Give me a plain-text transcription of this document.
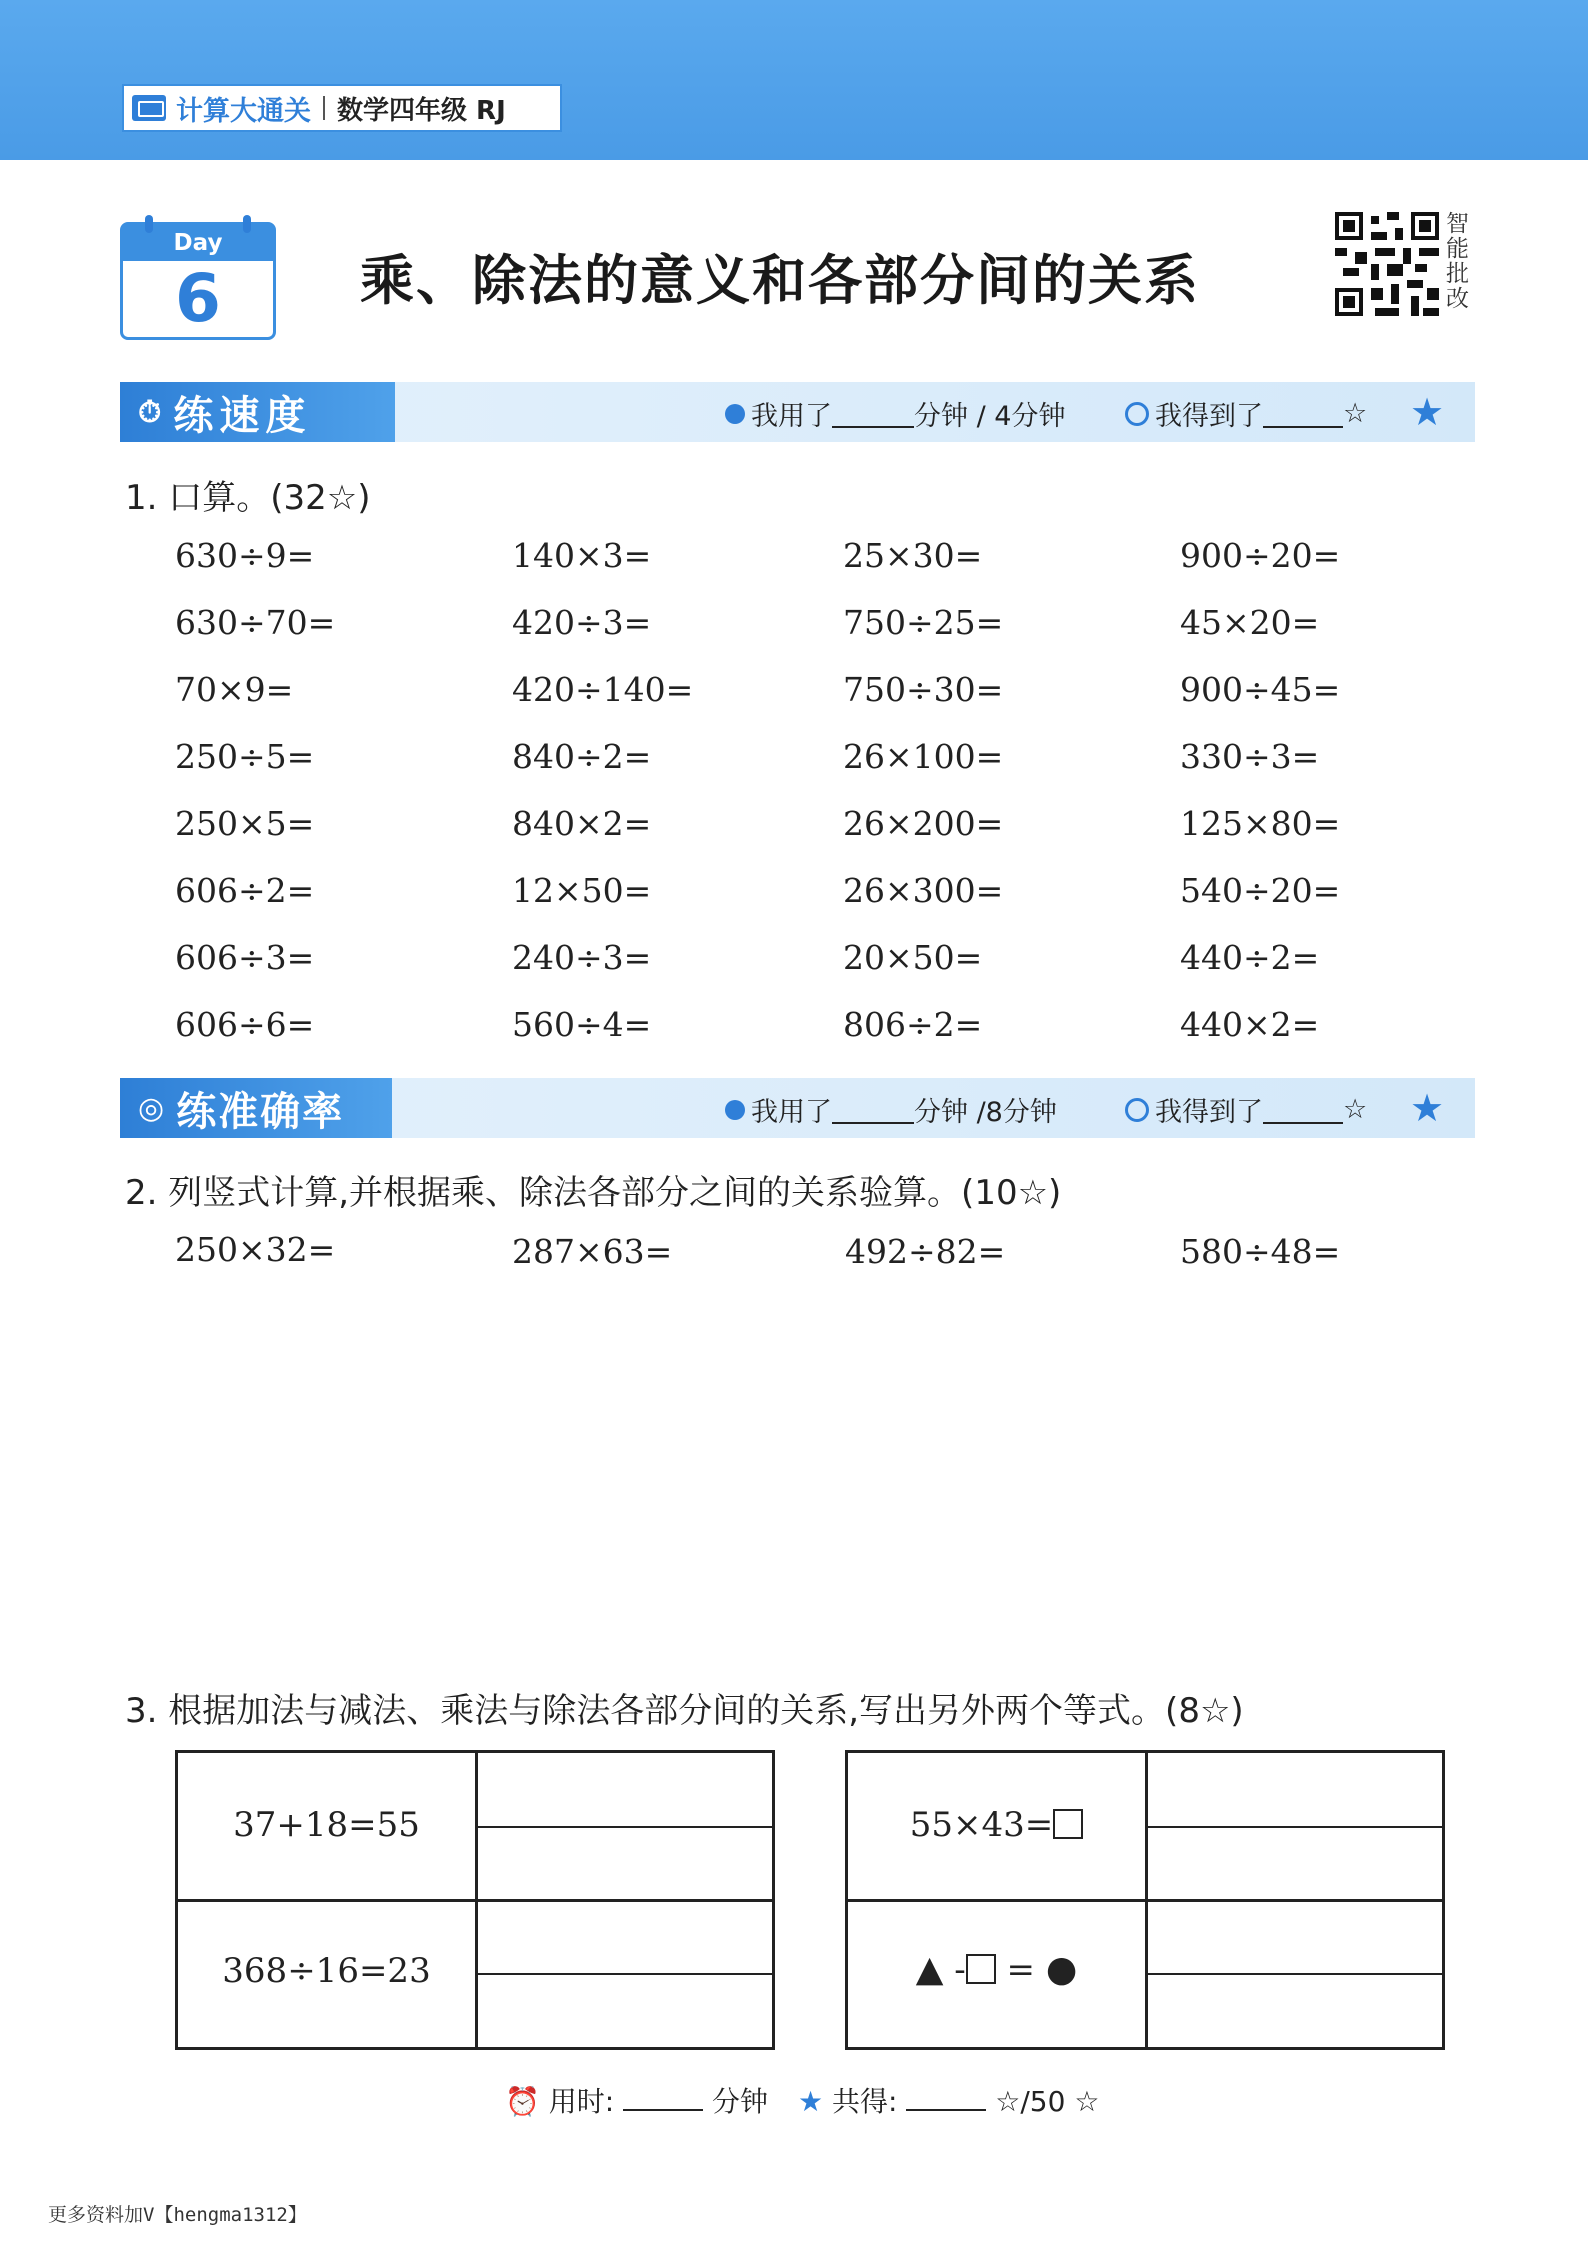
计算大通关 数学四年级 RJ
Day
6	乘、除法的意义和各部分间的关系
智能批改
⏱ 练速度	我用了	分钟 / 4分钟	我得到了	☆ ★
1. 口算。(32☆)
630÷9=	140×3=	25×30=	900÷20=
630÷70=	420÷3=	750÷25=	45×20=
70×9=	420÷140=	750÷30=	900÷45=
250÷5=	840÷2=	26×100=	330÷3=
250×5=	840×2=	26×200=	125×80=
606÷2=	12×50=	26×300=	540÷20=
606÷3=	240÷3=	20×50=	440÷2=
606÷6=	560÷4=	806÷2=	440×2=
◎ 练准确率	我用了	分钟 /8分钟	我得到了	☆ ★
2. 列竖式计算,并根据乘、除法各部分之间的关系验算。(10☆)
250×32=	287×63=	492÷82=	580÷48=
3. 根据加法与减法、乘法与除法各部分间的关系,写出另外两个等式。(8☆)
37+18=55
368÷16=23
55×43=
▲ - = ●
⏰ 用时:	分钟 ★ 共得:	☆/50 ☆
更多资料加V【hengma1312】
